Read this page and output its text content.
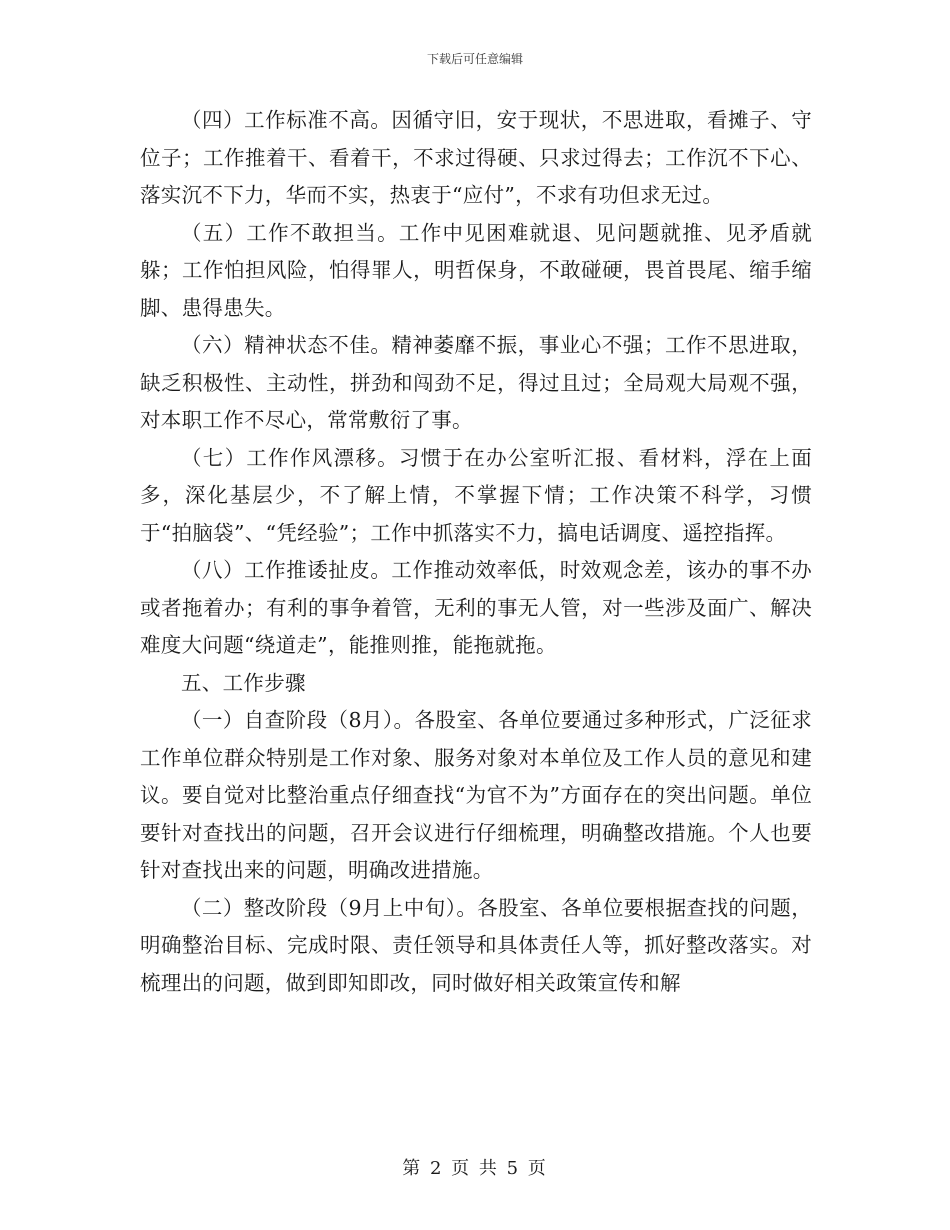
下载后可任意编辑

（四）工作标准不高。因循守旧，安于现状，不思进取，看摊子、守位子；工作推着干、看着干，不求过得硬、只求过得去；工作沉不下心、落实沉不下力，华而不实，热衷于“应付”，不求有功但求无过。

（五）工作不敢担当。工作中见困难就退、见问题就推、见矛盾就躲；工作怕担风险，怕得罪人，明哲保身，不敢碰硬，畏首畏尾、缩手缩脚、患得患失。

（六）精神状态不佳。精神萎靡不振，事业心不强；工作不思进取，缺乏积极性、主动性，拼劲和闯劲不足，得过且过；全局观大局观不强，对本职工作不尽心，常常敷衍了事。

（七）工作作风漂移。习惯于在办公室听汇报、看材料，浮在上面多，深化基层少，不了解上情，不掌握下情；工作决策不科学，习惯于“拍脑袋”、“凭经验”；工作中抓落实不力，搞电话调度、遥控指挥。

（八）工作推诿扯皮。工作推动效率低，时效观念差，该办的事不办或者拖着办；有利的事争着管，无利的事无人管，对一些涉及面广、解决难度大问题“绕道走”，能推则推，能拖就拖。

五、工作步骤

（一）自查阶段（8月）。各股室、各单位要通过多种形式，广泛征求工作单位群众特别是工作对象、服务对象对本单位及工作人员的意见和建议。要自觉对比整治重点仔细查找“为官不为”方面存在的突出问题。单位要针对查找出的问题，召开会议进行仔细梳理，明确整改措施。个人也要针对查找出来的问题，明确改进措施。

（二）整改阶段（9月上中旬）。各股室、各单位要根据查找的问题，明确整治目标、完成时限、责任领导和具体责任人等，抓好整改落实。对梳理出的问题，做到即知即改，同时做好相关政策宣传和解

第 2 页 共 5 页
